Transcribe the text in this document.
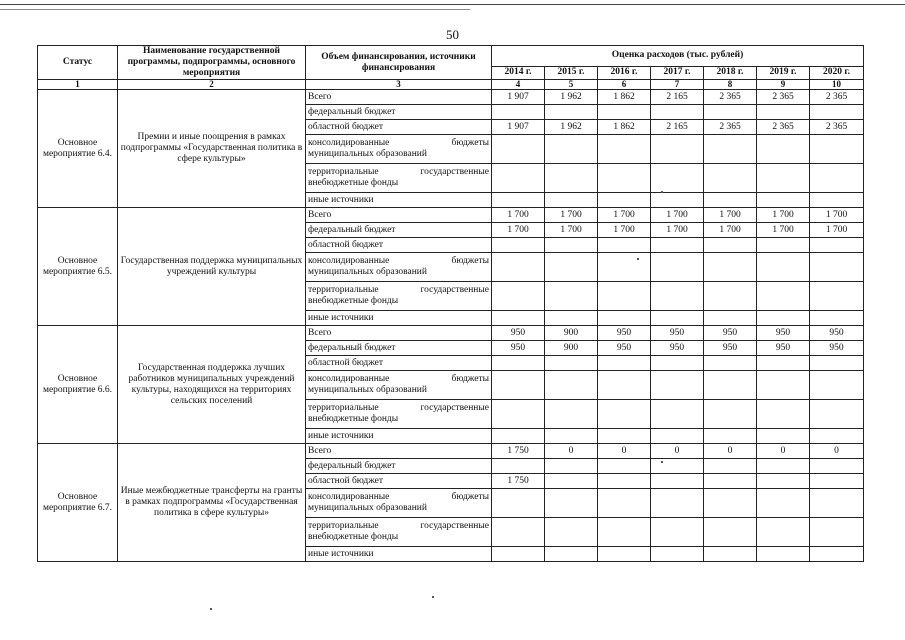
50
Статус	Наименование государственной программы, подпрограммы, основного мероприятия	Объем финансирования, источники финансирования	Оценка расходов (тыс. рублей)						
			2014 г.	2015 г.	2016 г.	2017 г.	2018 г.	2019 г.	2020 г.
1	2	3	4	5	6	7	8	9	10
Основное мероприятие 6.4.	Премии и иные поощрения в рамках подпрограммы «Государственная политика в сфере культуры»	Всего	1 907	1 962	1 862	2 165	2 365	2 365	2 365
		федеральный бюджет							
		областной бюджет	1 907	1 962	1 862	2 165	2 365	2 365	2 365
		консолидированные бюджеты
муниципальных образований							

		территориальные государственные
внебюджетные фонды							

		иные источники							
Основное мероприятие 6.5.	Государственная поддержка муниципальных учреждений культуры	Всего	1 700	1 700	1 700	1 700	1 700	1 700	1 700
		федеральный бюджет	1 700	1 700	1 700	1 700	1 700	1 700	1 700
		областной бюджет							
		консолидированные бюджеты
муниципальных образований							

		территориальные государственные
внебюджетные фонды							

		иные источники							
Основное мероприятие 6.6.	Государственная поддержка лучших работников муниципальных учреждений культуры, находящихся на территориях сельских поселений	Всего	950	900	950	950	950	950	950
		федеральный бюджет	950	900	950	950	950	950	950
		областной бюджет							
		консолидированные бюджеты
муниципальных образований							

		территориальные государственные
внебюджетные фонды							

		иные источники							
Основное мероприятие 6.7.	Иные межбюджетные трансферты на гранты в рамках подпрограммы «Государственная политика в сфере культуры»	Всего	1 750	0	0	0	0	0	0
		федеральный бюджет							
		областной бюджет	1 750						
		консолидированные бюджеты
муниципальных образований							

		территориальные государственные
внебюджетные фонды							

		иные источники							
